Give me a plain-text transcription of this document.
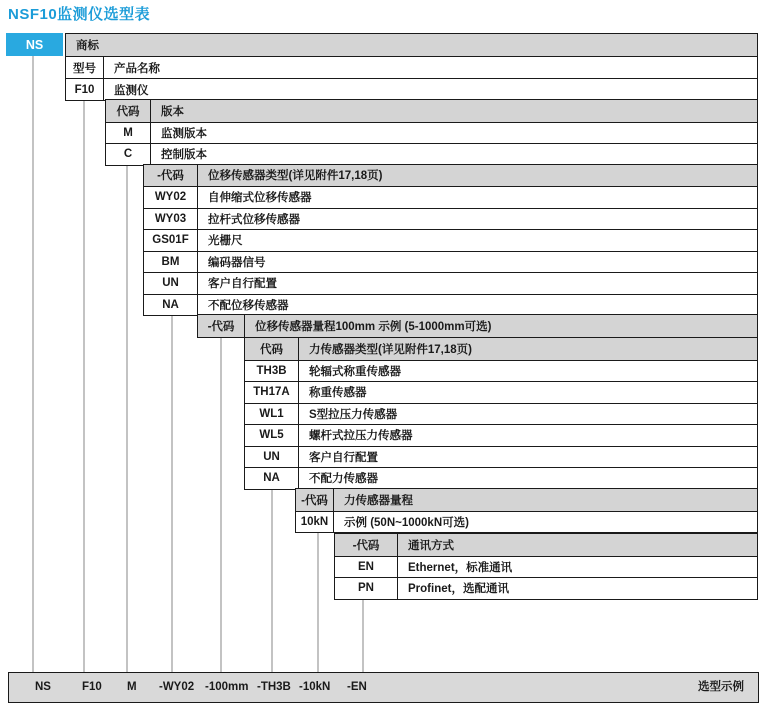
NSF10监测仪选型表
NS	商标
型号	产品名称
F10	监测仪
代码	版本
M	监测版本
C	控制版本
-代码	位移传感器类型(详见附件17,18页)
WY02	自伸缩式位移传感器
WY03	拉杆式位移传感器
GS01F	光栅尺
BM	编码器信号
UN	客户自行配置
NA	不配位移传感器
-代码	位移传感器量程100mm 示例 (5-1000mm可选)
代码	力传感器类型(详见附件17,18页)
TH3B	轮辐式称重传感器
TH17A	称重传感器
WL1	S型拉压力传感器
WL5	螺杆式拉压力传感器
UN	客户自行配置
NA	不配力传感器
-代码	力传感器量程
10kN	示例 (50N~1000kN可选)
-代码	通讯方式
EN	Ethernet，标准通讯
PN	Profinet，选配通讯
NS	F10 M -WY02 -100mm -TH3B -10kN -EN	选型示例
